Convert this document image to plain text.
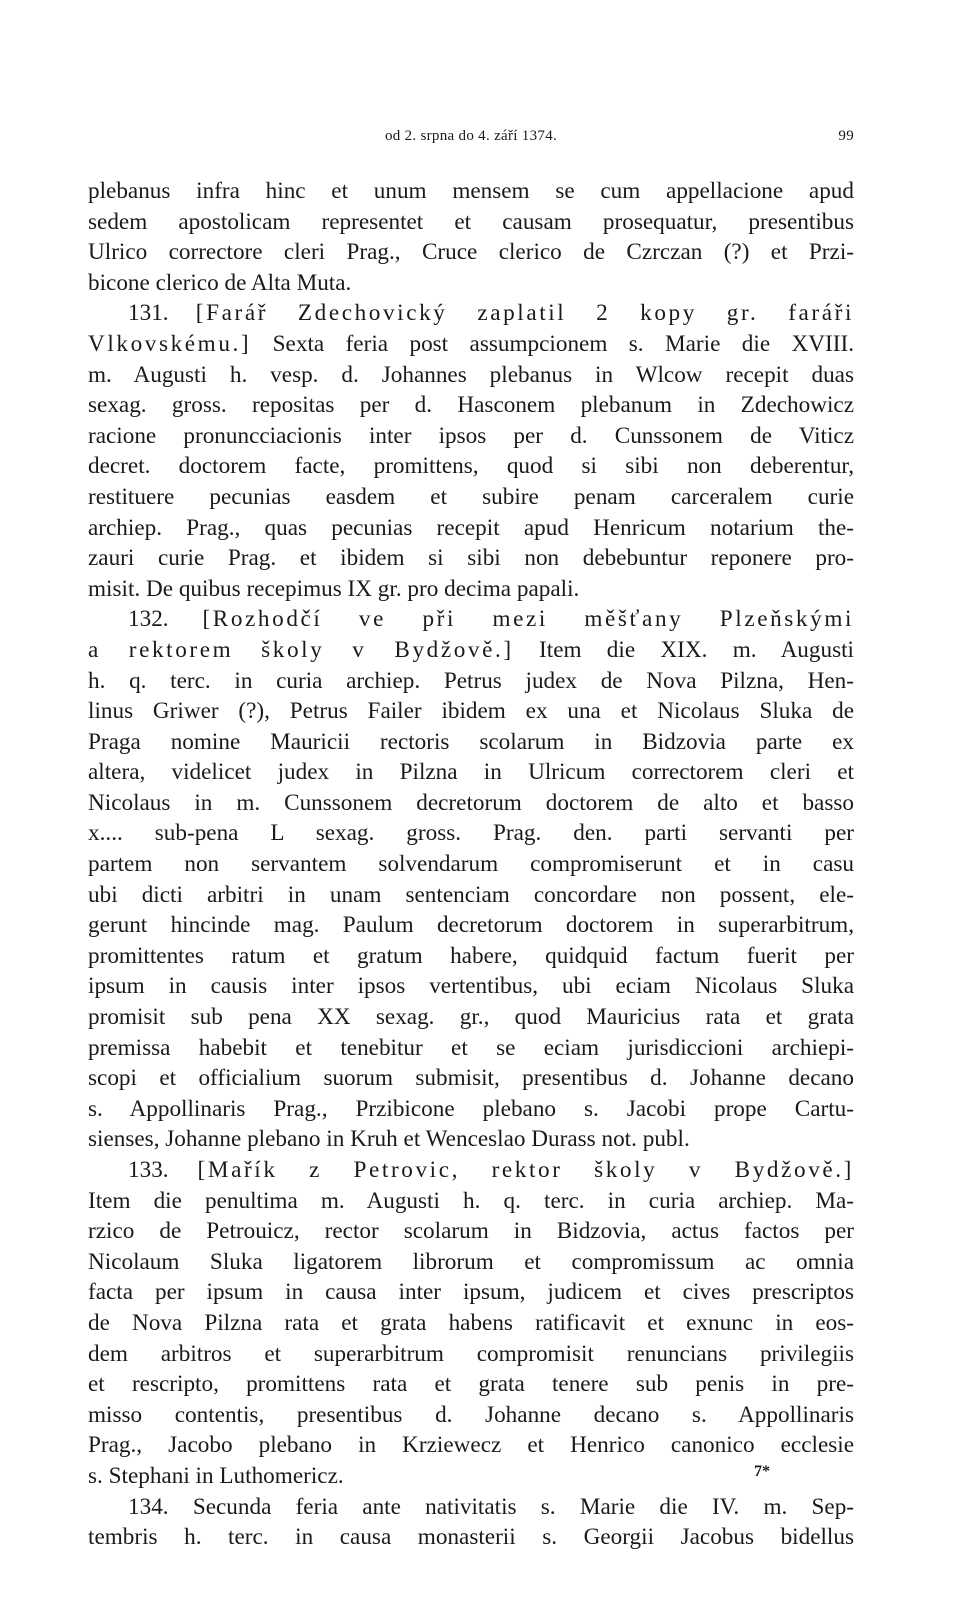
od 2. srpna do 4. září 1374.	99

plebanus infra hinc et unum mensem se cum appellacione apud

sedem apostolicam representet et causam prosequatur, presentibus

Ulrico correctore cleri Prag., Cruce clerico de Czrczan (?) et Przi-

bicone clerico de Alta Muta.

131. [Farář Zdechovický zaplatil 2 kopy gr. faráři

Vlkovskému.] Sexta feria post assumpcionem s. Marie die XVIII.

m. Augusti h. vesp. d. Johannes plebanus in Wlcow recepit duas

sexag. gross. repositas per d. Hasconem plebanum in Zdechowicz

racione pronuncciacionis inter ipsos per d. Cunssonem de Viticz

decret. doctorem facte, promittens, quod si sibi non deberentur,

restituere pecunias easdem et subire penam carceralem curie

archiep. Prag., quas pecunias recepit apud Henricum notarium the-

zauri curie Prag. et ibidem si sibi non debebuntur reponere pro-

misit. De quibus recepimus IX gr. pro decima papali.

132. [Rozhodčí ve při mezi měšťany Plzeňskými

a rektorem školy v Bydžově.] Item die XIX. m. Augusti

h. q. terc. in curia archiep. Petrus judex de Nova Pilzna, Hen-

linus Griwer (?), Petrus Failer ibidem ex una et Nicolaus Sluka de

Praga nomine Mauricii rectoris scolarum in Bidzovia parte ex

altera, videlicet judex in Pilzna in Ulricum correctorem cleri et

Nicolaus in m. Cunssonem decretorum doctorem de alto et basso

x.... sub-pena L sexag. gross. Prag. den. parti servanti per

partem non servantem solvendarum compromiserunt et in casu

ubi dicti arbitri in unam sentenciam concordare non possent, ele-

gerunt hincinde mag. Paulum decretorum doctorem in superarbitrum,

promittentes ratum et gratum habere, quidquid factum fuerit per

ipsum in causis inter ipsos vertentibus, ubi eciam Nicolaus Sluka

promisit sub pena XX sexag. gr., quod Mauricius rata et grata

premissa habebit et tenebitur et se eciam jurisdiccioni archiepi-

scopi et officialium suorum submisit, presentibus d. Johanne decano

s. Appollinaris Prag., Przibicone plebano s. Jacobi prope Cartu-

sienses, Johanne plebano in Kruh et Wenceslao Durass not. publ.

133. [Mařík z Petrovic, rektor školy v Bydžově.]

Item die penultima m. Augusti h. q. terc. in curia archiep. Ma-

rzico de Petrouicz, rector scolarum in Bidzovia, actus factos per

Nicolaum Sluka ligatorem librorum et compromissum ac omnia

facta per ipsum in causa inter ipsum, judicem et cives prescriptos

de Nova Pilzna rata et grata habens ratificavit et exnunc in eos-

dem arbitros et superarbitrum compromisit renuncians privilegiis

et rescripto, promittens rata et grata tenere sub penis in pre-

misso contentis, presentibus d. Johanne decano s. Appollinaris

Prag., Jacobo plebano in Krziewecz et Henrico canonico ecclesie

s. Stephani in Luthomericz.

134. Secunda feria ante nativitatis s. Marie die IV. m. Sep-

tembris h. terc. in causa monasterii s. Georgii Jacobus bidellus

7*
